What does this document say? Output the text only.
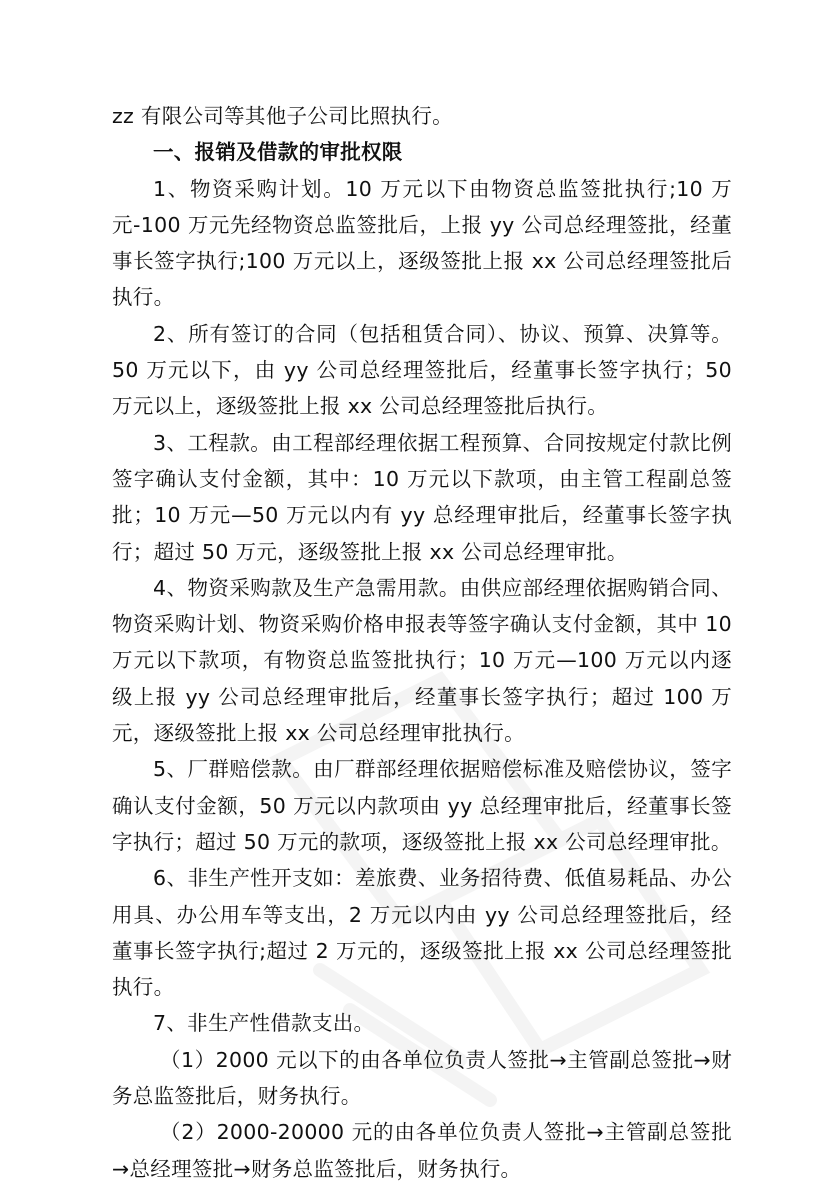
zz 有限公司等其他子公司比照执行。

一、报销及借款的审批权限

1、物资采购计划。10 万元以下由物资总监签批执行;10 万元-100 万元先经物资总监签批后，上报 yy 公司总经理签批，经董事长签字执行;100 万元以上，逐级签批上报 xx 公司总经理签批后执行。

2、所有签订的合同（包括租赁合同）、协议、预算、决算等。50 万元以下，由 yy 公司总经理签批后，经董事长签字执行；50 万元以上，逐级签批上报 xx 公司总经理签批后执行。

3、工程款。由工程部经理依据工程预算、合同按规定付款比例签字确认支付金额，其中：10 万元以下款项，由主管工程副总签批；10 万元—50 万元以内有 yy 总经理审批后，经董事长签字执行；超过 50 万元，逐级签批上报 xx 公司总经理审批。

4、物资采购款及生产急需用款。由供应部经理依据购销合同、物资采购计划、物资采购价格申报表等签字确认支付金额，其中 10 万元以下款项，有物资总监签批执行；10 万元—100 万元以内逐级上报 yy 公司总经理审批后，经董事长签字执行；超过 100 万元，逐级签批上报 xx 公司总经理审批执行。

5、厂群赔偿款。由厂群部经理依据赔偿标准及赔偿协议，签字确认支付金额，50 万元以内款项由 yy 总经理审批后，经董事长签字执行；超过 50 万元的款项，逐级签批上报 xx 公司总经理审批。

6、非生产性开支如：差旅费、业务招待费、低值易耗品、办公用具、办公用车等支出，2 万元以内由 yy 公司总经理签批后，经董事长签字执行;超过 2 万元的，逐级签批上报 xx 公司总经理签批执行。

7、非生产性借款支出。

（1）2000 元以下的由各单位负责人签批→主管副总签批→财务总监签批后，财务执行。

（2）2000-20000 元的由各单位负责人签批→主管副总签批→总经理签批→财务总监签批后，财务执行。
